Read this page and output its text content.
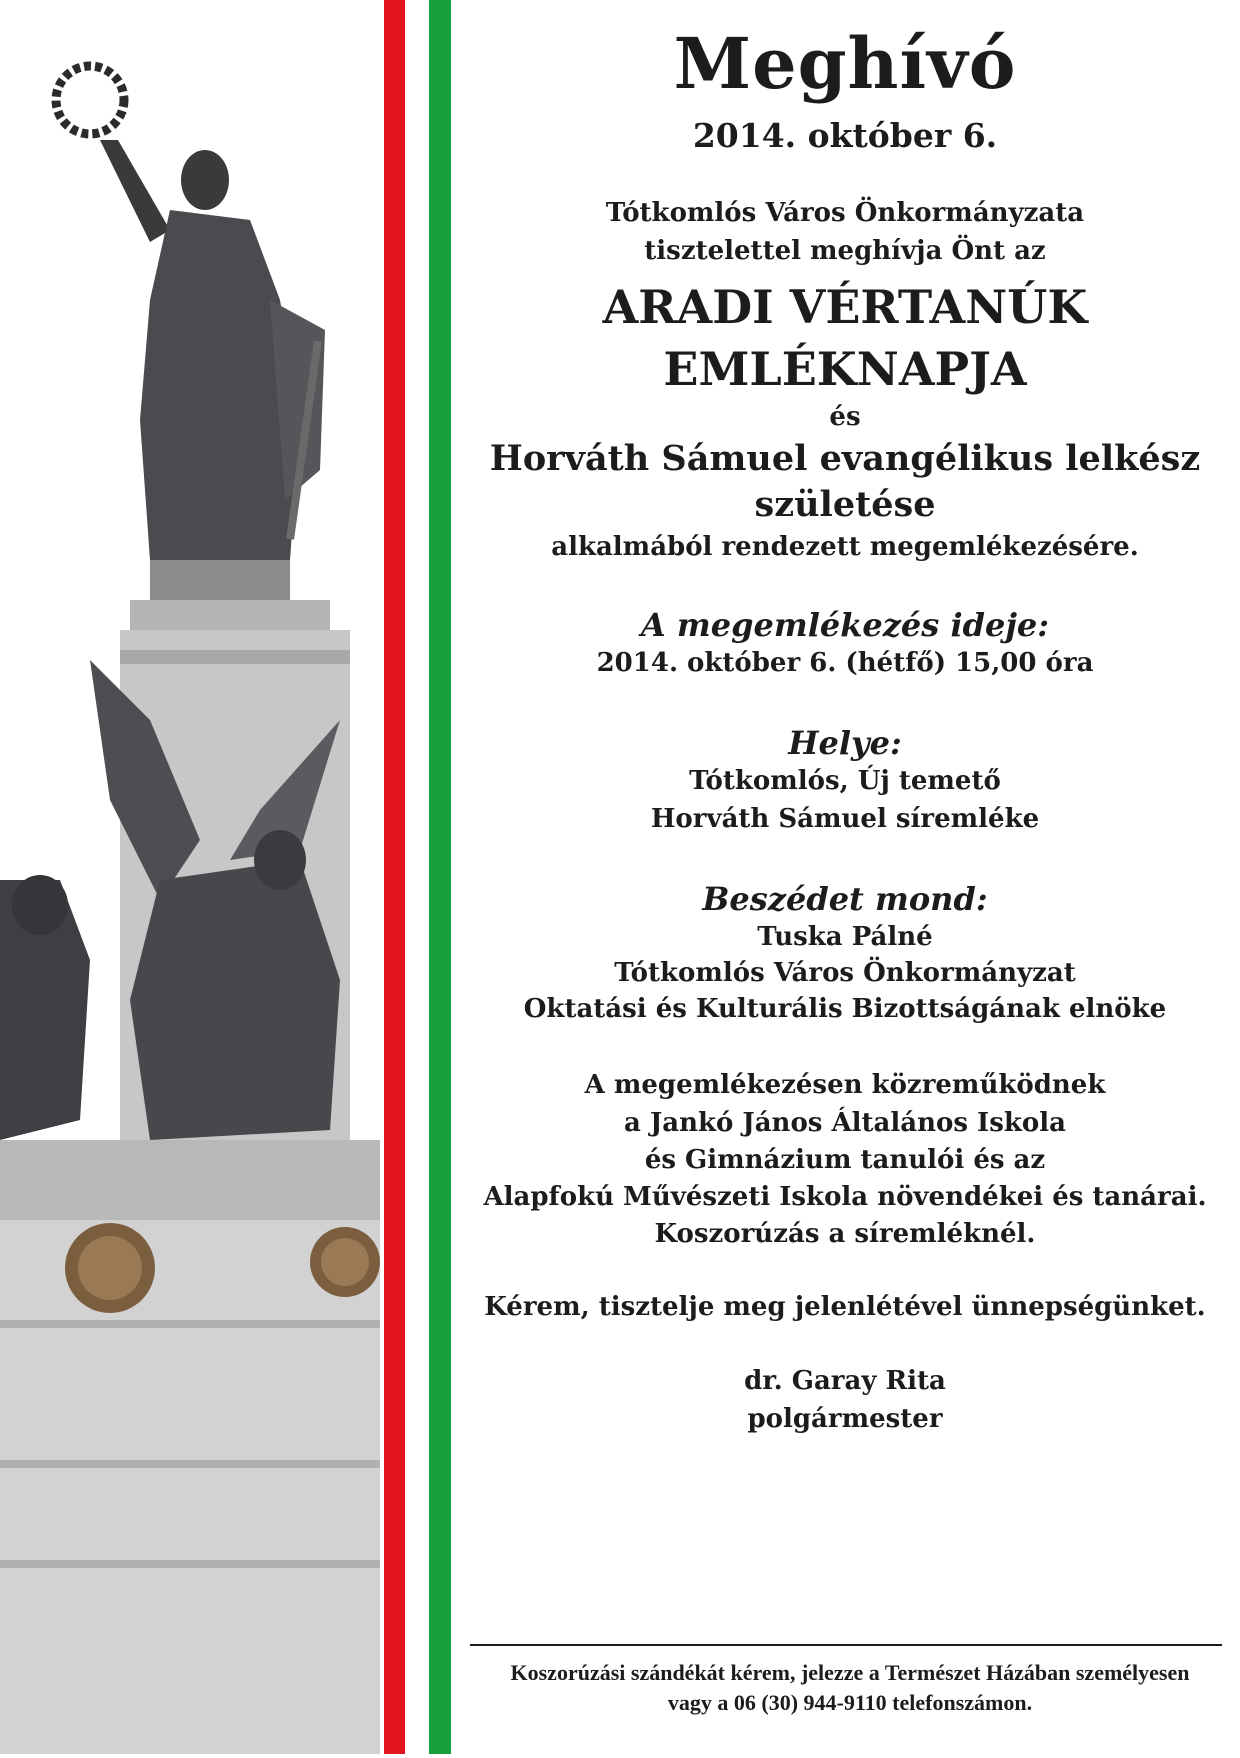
Meghívó
2014. október 6.
Tótkomlós Város Önkormányzata
tisztelettel meghívja Önt az
ARADI VÉRTANÚK
EMLÉKNAPJA
és
Horváth Sámuel evangélikus lelkész
születése
alkalmából rendezett megemlékezésére.
A megemlékezés ideje:
2014. október 6. (hétfő) 15,00 óra
Helye:
Tótkomlós, Új temető
Horváth Sámuel síremléke
Beszédet mond:
Tuska Pálné
Tótkomlós Város Önkormányzat
Oktatási és Kulturális Bizottságának elnöke
A megemlékezésen közreműködnek
a Jankó János Általános Iskola
és Gimnázium tanulói és az
Alapfokú Művészeti Iskola növendékei és tanárai.
Koszorúzás a síremléknél.
Kérem, tisztelje meg jelenlétével ünnepségünket.
dr. Garay Rita
polgármester
Koszorúzási szándékát kérem, jelezze a Természet Házában személyesen
vagy a 06 (30) 944-9110 telefonszámon.
